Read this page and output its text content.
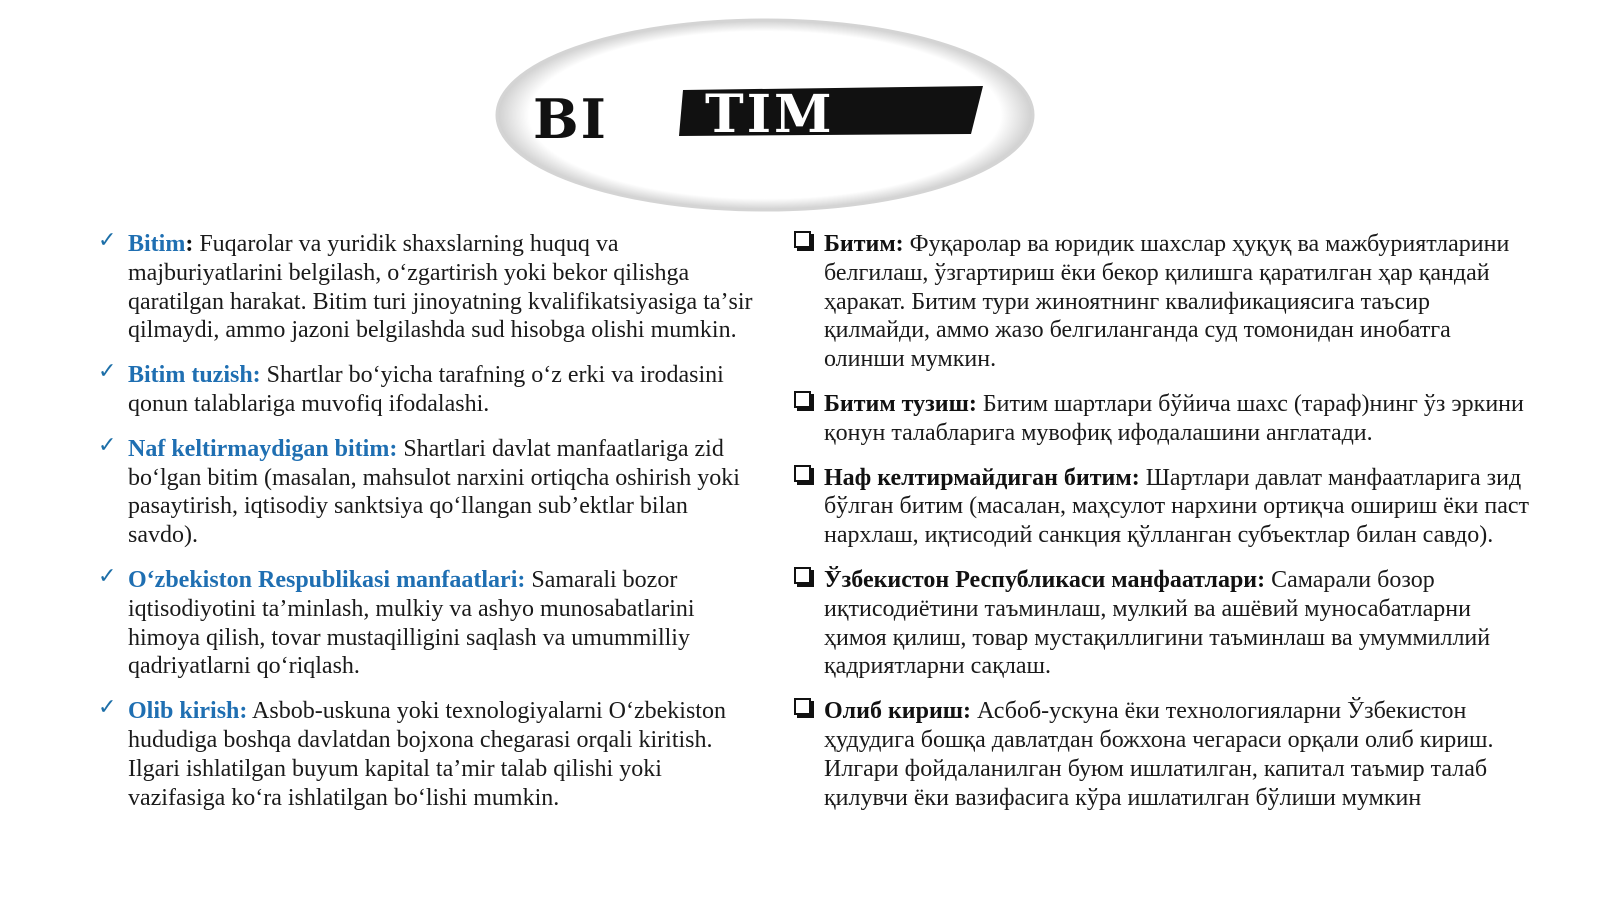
BI TIM
✓ Bitim: Fuqarolar va yuridik shaxslarning huquq va majburiyatlarini belgilash, oʻzgartirish yoki bekor qilishga qaratilgan harakat. Bitim turi jinoyatning kvalifikatsiyasiga taʼsir qilmaydi, ammo jazoni belgilashda sud hisobga olishi mumkin.
✓ Bitim tuzish: Shartlar boʻyicha tarafning oʻz erki va irodasini qonun talablariga muvofiq ifodalashi.
✓ Naf keltirmaydigan bitim: Shartlari davlat manfaatlariga zid boʻlgan bitim (masalan, mahsulot narxini ortiqcha oshirish yoki pasaytirish, iqtisodiy sanktsiya qoʻllangan subʼektlar bilan savdo).
✓ Oʻzbekiston Respublikasi manfaatlari: Samarali bozor iqtisodiyotini taʼminlash, mulkiy va ashyo munosabatlarini himoya qilish, tovar mustaqilligini saqlash va umummilliy qadriyatlarni qoʻriqlash.
✓ Olib kirish: Asbob-uskuna yoki texnologiyalarni Oʻzbekiston hududiga boshqa davlatdan bojxona chegarasi orqali kiritish. Ilgari ishlatilgan buyum kapital taʼmir talab qilishi yoki vazifasiga koʻra ishlatilgan boʻlishi mumkin.
Битим: Фуқаролар ва юридик шахслар ҳуқуқ ва мажбуриятларини белгилаш, ўзгартириш ёки бекор қилишга қаратилган ҳар қандай ҳаракат. Битим тури жиноятнинг квалификациясига таъсир қилмайди, аммо жазо белгиланганда суд томонидан инобатга олинши мумкин.
Битим тузиш: Битим шартлари бўйича шахс (тараф)нинг ўз эркини қонун талабларига мувофиқ ифодалашини англатади.
Наф келтирмайдиган битим: Шартлари давлат манфаатларига зид бўлган битим (масалан, маҳсулот нархини ортиқча ошириш ёки паст нархлаш, иқтисодий санкция қўлланган субъектлар билан савдо).
Ўзбекистон Республикаси манфаатлари: Самарали бозор иқтисодиётини таъминлаш, мулкий ва ашёвий муносабатларни ҳимоя қилиш, товар мустақиллигини таъминлаш ва умуммиллий қадриятларни сақлаш.
Олиб кириш: Асбоб-ускуна ёки технологияларни Ўзбекистон ҳудудига бошқа давлатдан божхона чегараси орқали олиб кириш. Илгари фойдаланилган буюм ишлатилган, капитал таъмир талаб қилувчи ёки вазифасига кўра ишлатилган бўлиши мумкин
